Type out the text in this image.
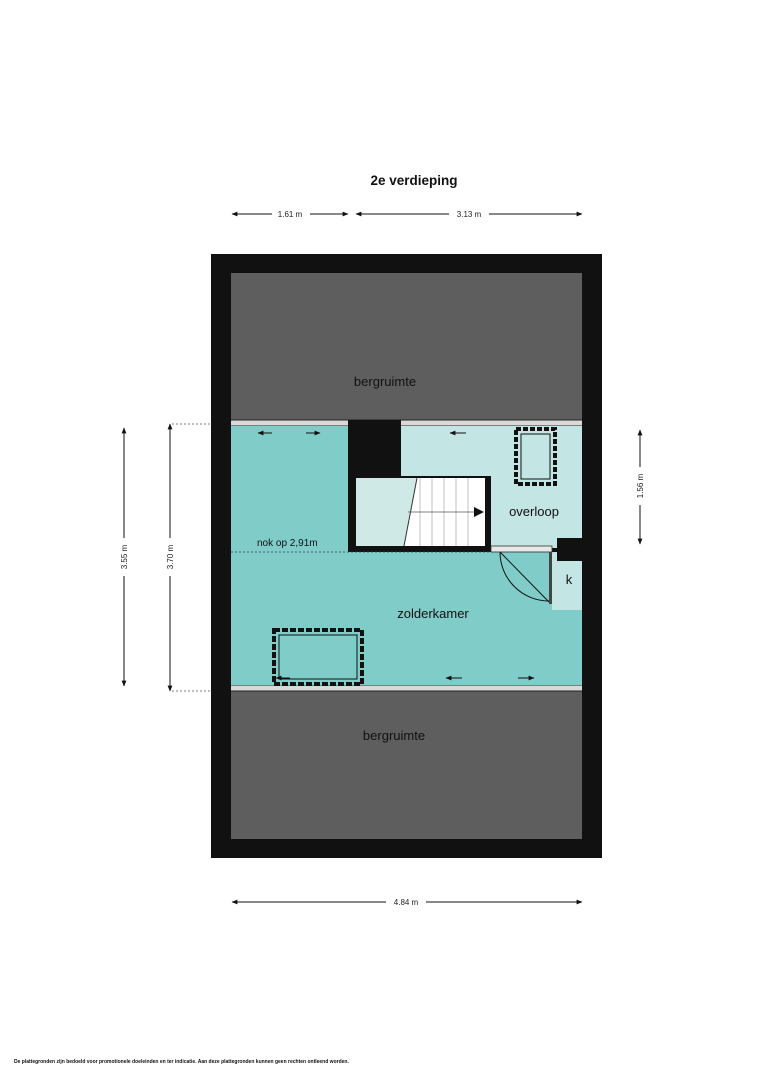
2e verdieping
1.61 m	3.13 m
bergruimte
bergruimte
nok op 2,91m
overloop
zolderkamer
k
3.55 m	3.70 m
1.56 m
4.84 m
De plattegronden zijn bedoeld voor promotionele doeleinden en ter indicatie. Aan deze plattegronden kunnen geen rechten ontleend worden.
